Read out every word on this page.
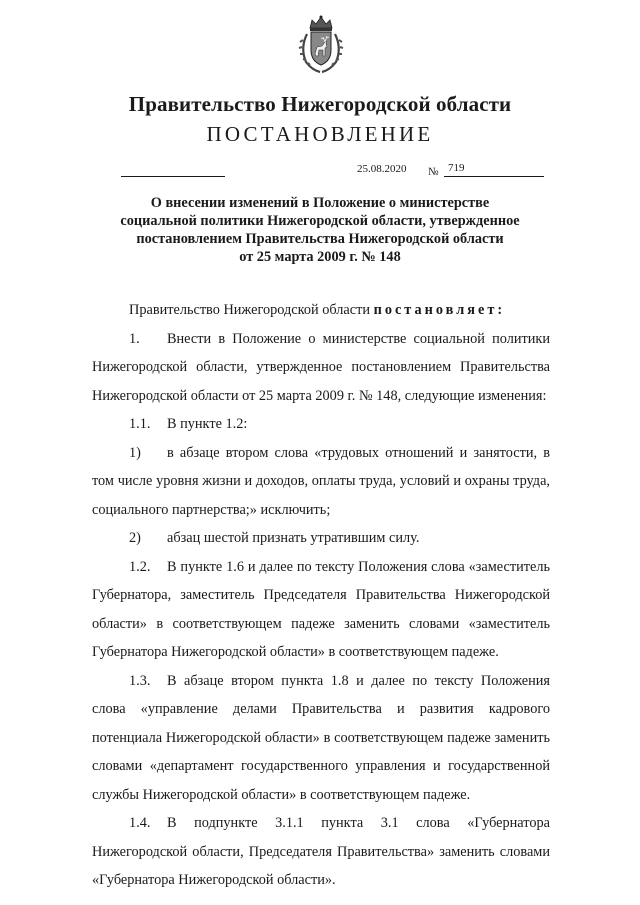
Правительство Нижегородской области
ПОСТАНОВЛЕНИЕ
25.08.2020 № 719
О внесении изменений в Положение о министерстве
социальной политики Нижегородской области, утвержденное
постановлением Правительства Нижегородской области
от 25 марта 2009 г. № 148

Правительство Нижегородской области постановляет:

1. Внести в Положение о министерстве социальной политики Нижегородской области, утвержденное постановлением Правительства Нижегородской области от 25 марта 2009 г. № 148, следующие изменения:

1.1. В пункте 1.2:

1) в абзаце втором слова «трудовых отношений и занятости, в том числе уровня жизни и доходов, оплаты труда, условий и охраны труда, социального партнерства;» исключить;

2) абзац шестой признать утратившим силу.

1.2. В пункте 1.6 и далее по тексту Положения слова «заместитель Губернатора, заместитель Председателя Правительства Нижегородской области» в соответствующем падеже заменить словами «заместитель Губернатора Нижегородской области» в соответствующем падеже.

1.3. В абзаце втором пункта 1.8 и далее по тексту Положения слова «управление делами Правительства и развития кадрового потенциала Нижегородской области» в соответствующем падеже заменить словами «департамент государственного управления и государственной службы Нижегородской области» в соответствующем падеже.

1.4. В подпункте 3.1.1 пункта 3.1 слова «Губернатора Нижегородской области, Председателя Правительства» заменить словами «Губернатора Нижегородской области».
